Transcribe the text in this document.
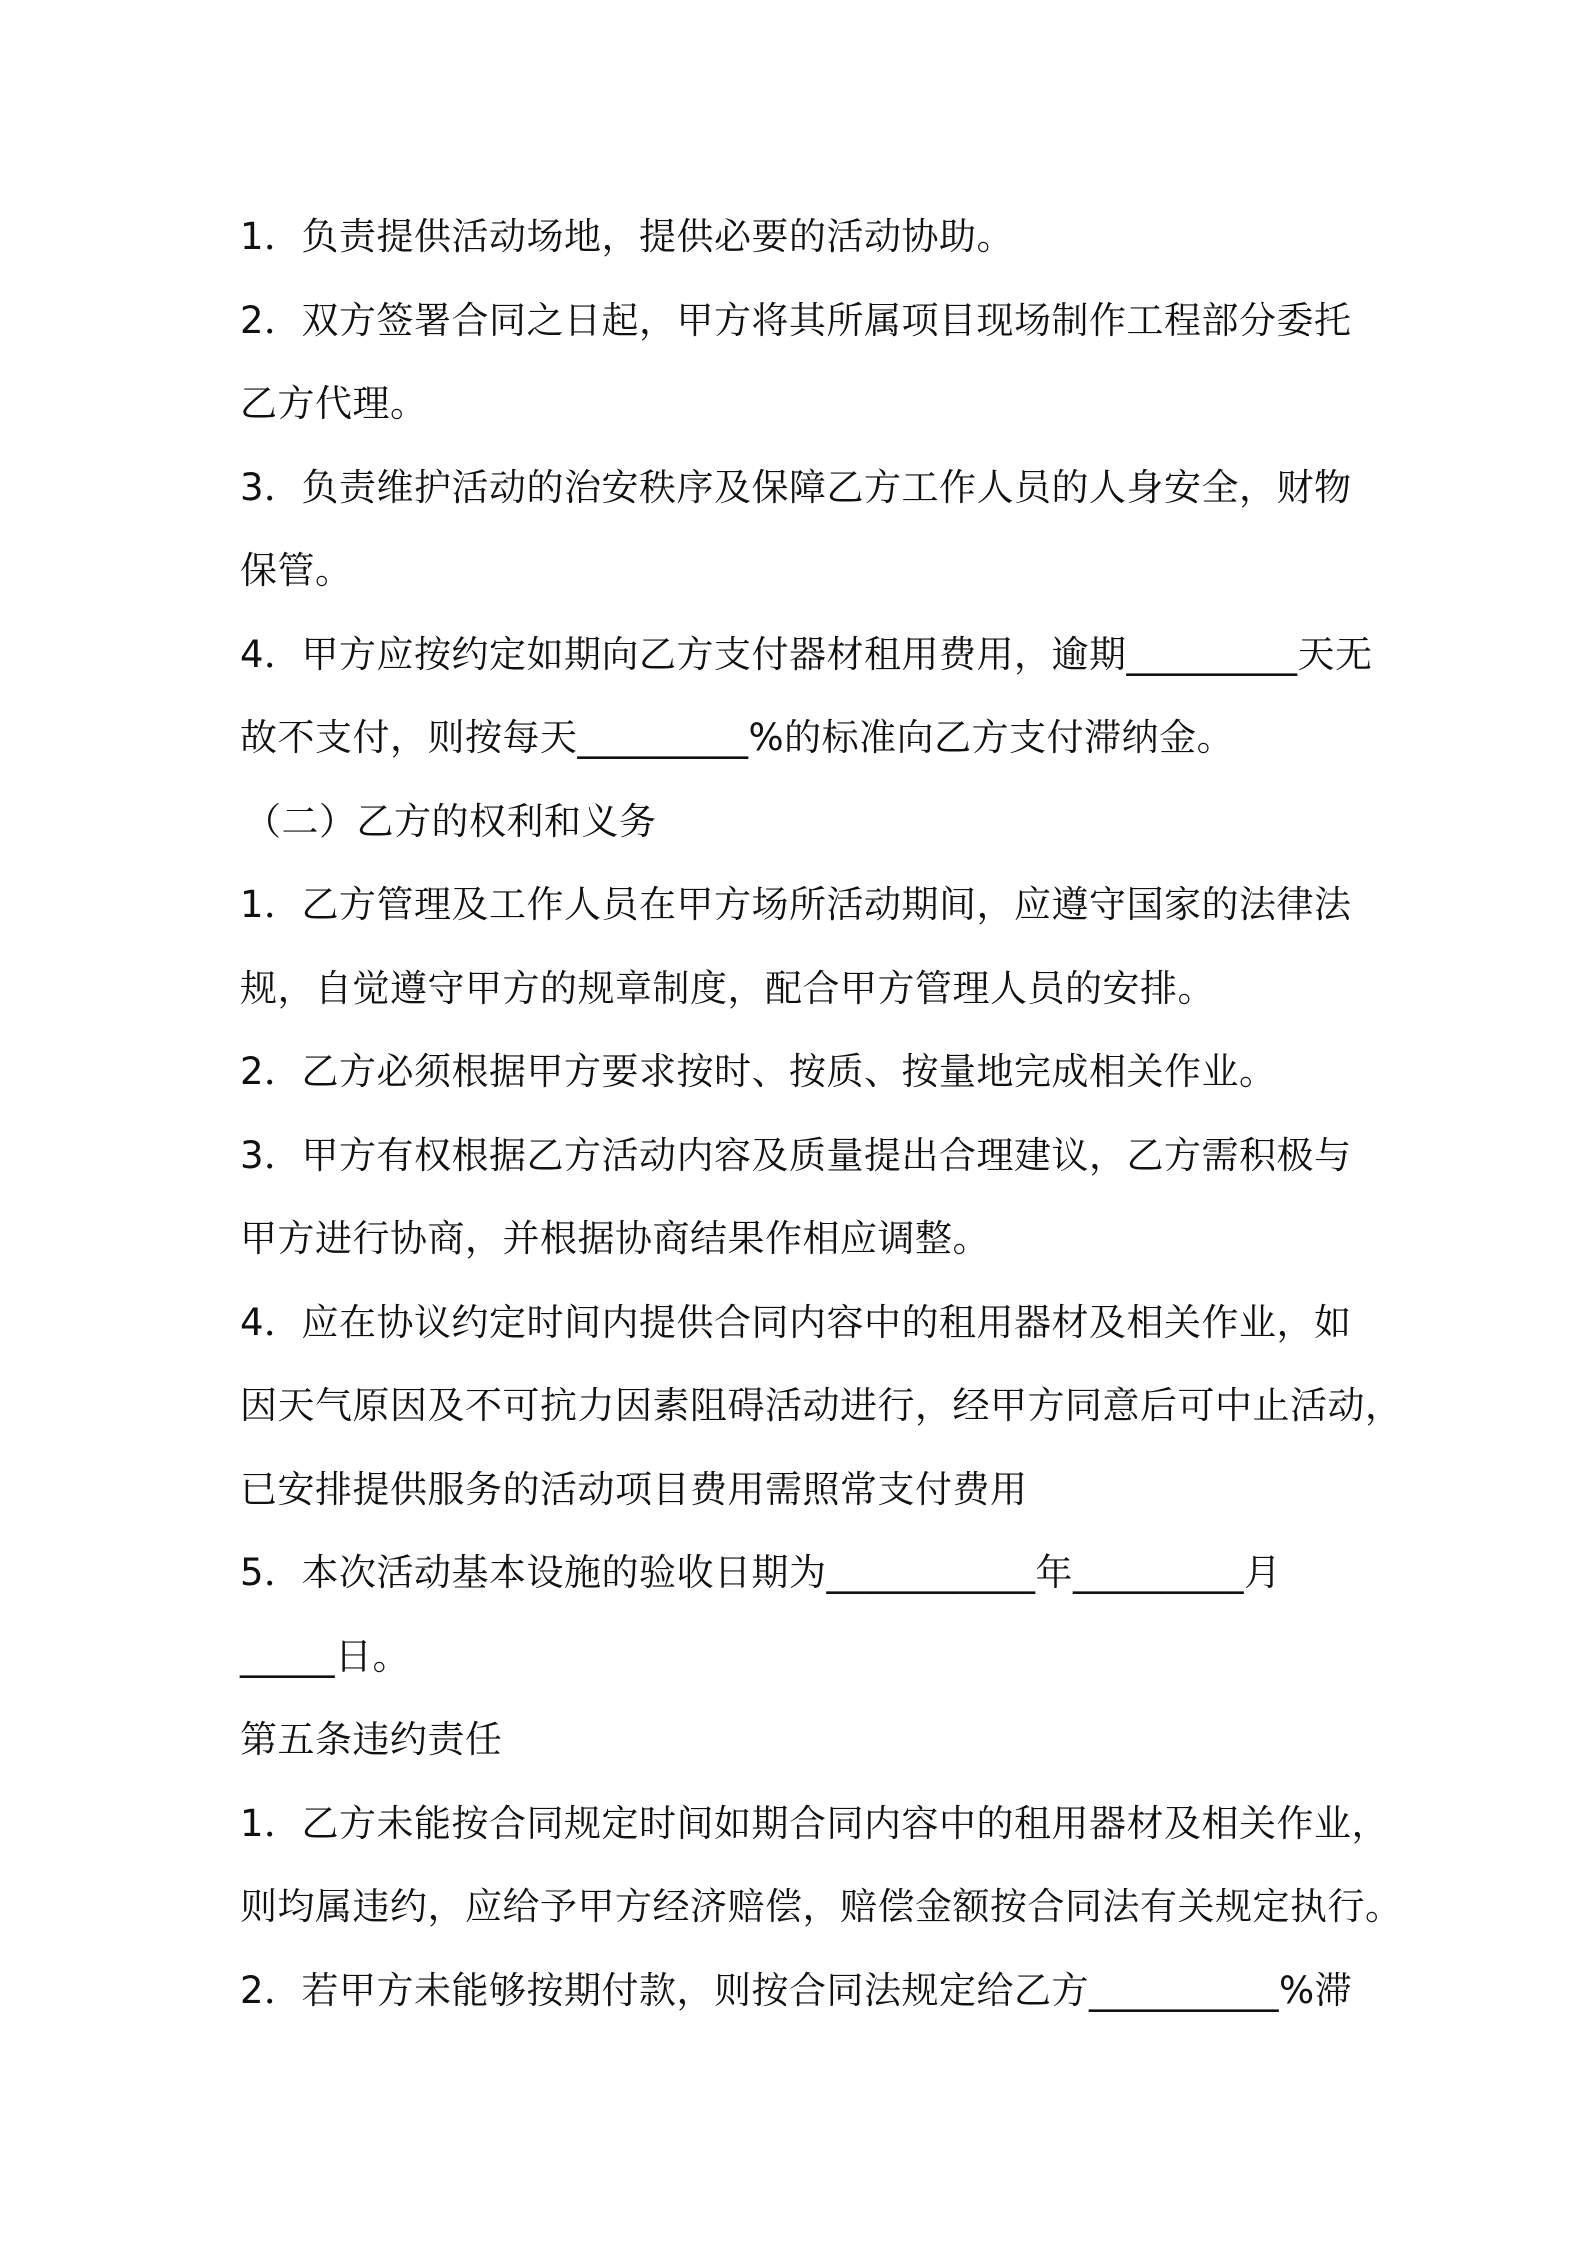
1．负责提供活动场地，提供必要的活动协助。
2．双方签署合同之日起，甲方将其所属项目现场制作工程部分委托
乙方代理。
3．负责维护活动的治安秩序及保障乙方工作人员的人身安全，财物
保管。
4．甲方应按约定如期向乙方支付器材租用费用，逾期_________天无
故不支付，则按每天_________%的标准向乙方支付滞纳金。
（二）乙方的权利和义务
1．乙方管理及工作人员在甲方场所活动期间，应遵守国家的法律法
规，自觉遵守甲方的规章制度，配合甲方管理人员的安排。
2．乙方必须根据甲方要求按时、按质、按量地完成相关作业。
3．甲方有权根据乙方活动内容及质量提出合理建议，乙方需积极与
甲方进行协商，并根据协商结果作相应调整。
4．应在协议约定时间内提供合同内容中的租用器材及相关作业，如
因天气原因及不可抗力因素阻碍活动进行，经甲方同意后可中止活动，
已安排提供服务的活动项目费用需照常支付费用
5．本次活动基本设施的验收日期为___________年_________月
_____日。
第五条违约责任
1．乙方未能按合同规定时间如期合同内容中的租用器材及相关作业，
则均属违约，应给予甲方经济赔偿，赔偿金额按合同法有关规定执行。
2．若甲方未能够按期付款，则按合同法规定给乙方__________%滞
